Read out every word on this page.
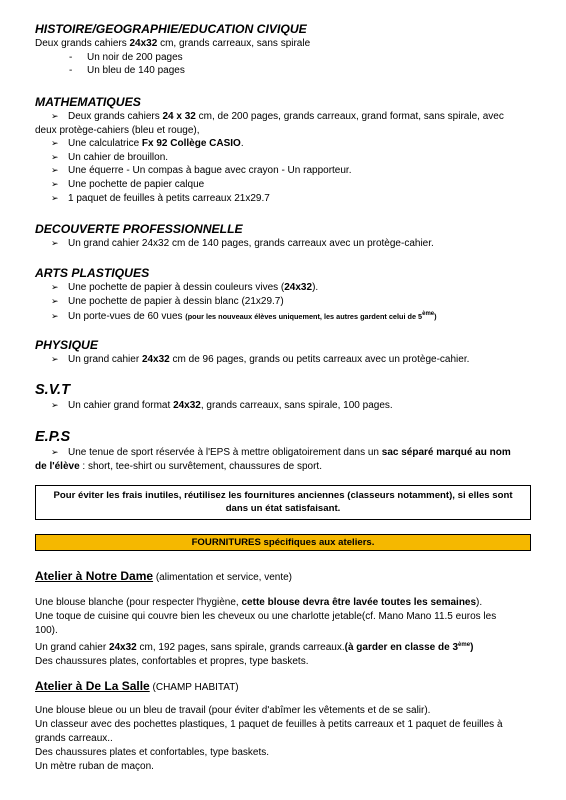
HISTOIRE/GEOGRAPHIE/EDUCATION CIVIQUE

Deux grands cahiers 24x32 cm, grands carreaux, sans spirale

- Un noir de 200 pages

- Un bleu de 140 pages

MATHEMATIQUES

➢ Deux grands cahiers 24 x 32 cm, de 200 pages, grands carreaux, grand format, sans spirale, avec

deux protège-cahiers (bleu et rouge),

➢ Une calculatrice Fx 92 Collège CASIO.

➢ Un cahier de brouillon.

➢ Une équerre - Un compas à bague avec crayon - Un rapporteur.

➢ Une pochette de papier calque

➢ 1 paquet de feuilles à petits carreaux 21x29.7

DECOUVERTE PROFESSIONNELLE

➢ Un grand cahier 24x32 cm de 140 pages, grands carreaux avec un protège-cahier.

ARTS PLASTIQUES

➢ Une pochette de papier à dessin couleurs vives (24x32).

➢ Une pochette de papier à dessin blanc (21x29.7)

➢ Un porte-vues de 60 vues (pour les nouveaux élèves uniquement, les autres gardent celui de 5ème)

PHYSIQUE

➢ Un grand cahier 24x32 cm de 96 pages, grands ou petits carreaux avec un protège-cahier.

S.V.T

➢ Un cahier grand format 24x32, grands carreaux, sans spirale, 100 pages.

E.P.S

➢ Une tenue de sport réservée à l'EPS à mettre obligatoirement dans un sac séparé marqué au nom

de l'élève : short, tee-shirt ou survêtement, chaussures de sport.

Pour éviter les frais inutiles, réutilisez les fournitures anciennes (classeurs notamment), si elles sont
dans un état satisfaisant.
FOURNITURES spécifiques aux ateliers.

Atelier à Notre Dame (alimentation et service, vente)

Une blouse blanche (pour respecter l'hygiène, cette blouse devra être lavée toutes les semaines).

Une toque de cuisine qui couvre bien les cheveux ou une charlotte jetable(cf. Mano Mano 11.5 euros les

100).

Un grand cahier 24x32 cm, 192 pages, sans spirale, grands carreaux.(à garder en classe de 3ème)

Des chaussures plates, confortables et propres, type baskets.

Atelier à De La Salle (CHAMP HABITAT)

Une blouse bleue ou un bleu de travail (pour éviter d'abîmer les vêtements et de se salir).

Un classeur avec des pochettes plastiques, 1 paquet de feuilles à petits carreaux et 1 paquet de feuilles à

grands carreaux..

Des chaussures plates et confortables, type baskets.

Un mètre ruban de maçon.
